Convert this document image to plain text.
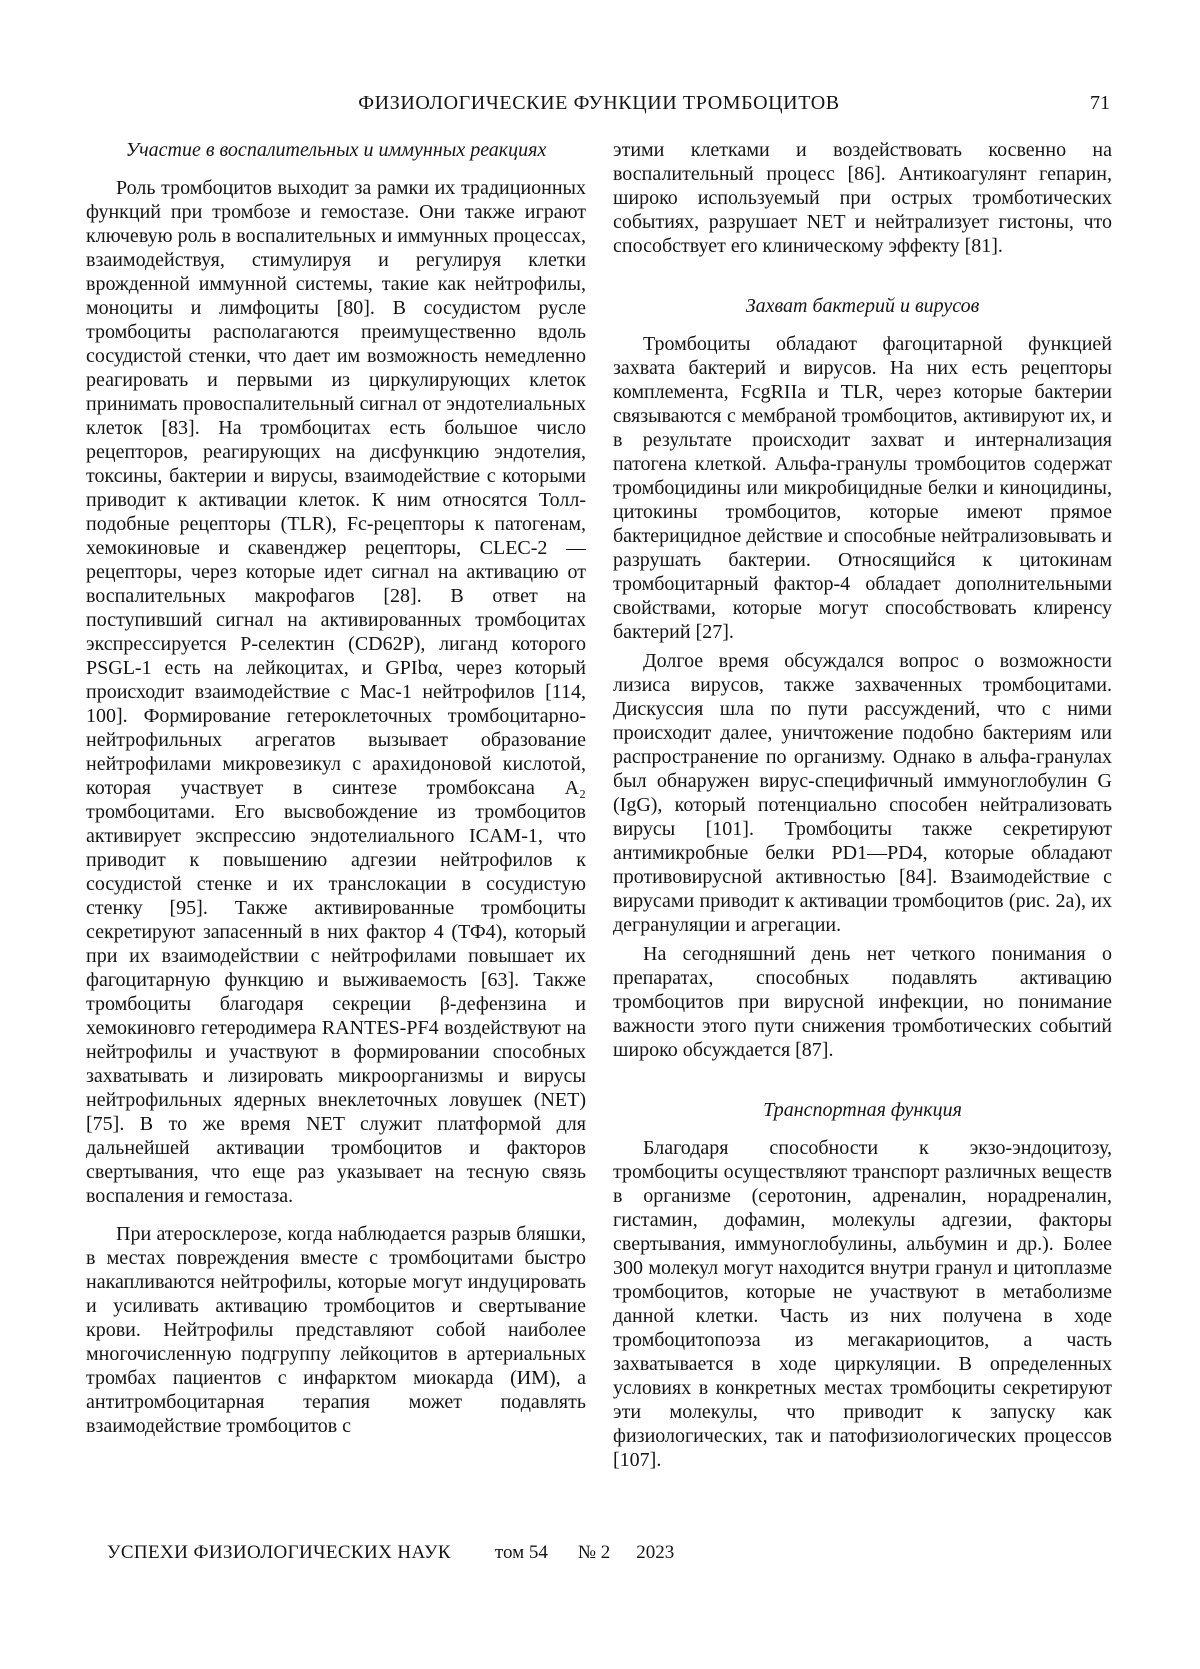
ФИЗИОЛОГИЧЕСКИЕ ФУНКЦИИ ТРОМБОЦИТОВ	71
Участие в воспалительных и иммунных реакциях

Роль тромбоцитов выходит за рамки их традиционных функций при тромбозе и гемостазе. Они также играют ключевую роль в воспалительных и иммунных процессах, взаимодействуя, стимулируя и регулируя клетки врожденной иммунной системы, такие как нейтрофилы, моноциты и лимфоциты [80]. В сосудистом русле тромбоциты располагаются преимущественно вдоль сосудистой стенки, что дает им возможность немедленно реагировать и первыми из циркулирующих клеток принимать провоспалительный сигнал от эндотелиальных клеток [83]. На тромбоцитах есть большое число рецепторов, реагирующих на дисфункцию эндотелия, токсины, бактерии и вирусы, взаимодействие с которыми приводит к активации клеток. К ним относятся Толл-подобные рецепторы (TLR), Fc-рецепторы к патогенам, хемокиновые и скавенджер рецепторы, CLEC-2 — рецепторы, через которые идет сигнал на активацию от воспалительных макрофагов [28]. В ответ на поступивший сигнал на активированных тромбоцитах экспрессируется P-селектин (CD62P), лиганд которого PSGL-1 есть на лейкоцитах, и GPIbα, через который происходит взаимодействие с Mac-1 нейтрофилов [114, 100]. Формирование гетероклеточных тромбоцитарно-нейтрофильных агрегатов вызывает образование нейтрофилами микровезикул с арахидоновой кислотой, которая участвует в синтезе тромбоксана A₂ тромбоцитами. Его высвобождение из тромбоцитов активирует экспрессию эндотелиального ICAM-1, что приводит к повышению адгезии нейтрофилов к сосудистой стенке и их транслокации в сосудистую стенку [95]. Также активированные тромбоциты секретируют запасенный в них фактор 4 (ТФ4), который при их взаимодействии с нейтрофилами повышает их фагоцитарную функцию и выживаемость [63]. Также тромбоциты благодаря секреции β-дефензина и хемокиновго гетеродимера RANTES-PF4 воздействуют на нейтрофилы и участвуют в формировании способных захватывать и лизировать микроорганизмы и вирусы нейтрофильных ядерных внеклеточных ловушек (NET) [75]. В то же время NET служит платформой для дальнейшей активации тромбоцитов и факторов свертывания, что еще раз указывает на тесную связь воспаления и гемостаза.

При атеросклерозе, когда наблюдается разрыв бляшки, в местах повреждения вместе с тромбоцитами быстро накапливаются нейтрофилы, которые могут индуцировать и усиливать активацию тромбоцитов и свертывание крови. Нейтрофилы представляют собой наиболее многочисленную подгруппу лейкоцитов в артериальных тромбах пациентов с инфарктом миокарда (ИМ), а антитромбоцитарная терапия может подавлять взаимодействие тромбоцитов с

этими клетками и воздействовать косвенно на воспалительный процесс [86]. Антикоагулянт гепарин, широко используемый при острых тромботических событиях, разрушает NET и нейтрализует гистоны, что способствует его клиническому эффекту [81].

Захват бактерий и вирусов

Тромбоциты обладают фагоцитарной функцией захвата бактерий и вирусов. На них есть рецепторы комплемента, FcgRIIa и TLR, через которые бактерии связываются с мембраной тромбоцитов, активируют их, и в результате происходит захват и интернализация патогена клеткой. Альфа-гранулы тромбоцитов содержат тромбоцидины или микробицидные белки и киноцидины, цитокины тромбоцитов, которые имеют прямое бактерицидное действие и способные нейтрализовывать и разрушать бактерии. Относящийся к цитокинам тромбоцитарный фактор-4 обладает дополнительными свойствами, которые могут способствовать клиренсу бактерий [27].

Долгое время обсуждался вопрос о возможности лизиса вирусов, также захваченных тромбоцитами. Дискуссия шла по пути рассуждений, что с ними происходит далее, уничтожение подобно бактериям или распространение по организму. Однако в альфа-гранулах был обнаружен вирус-специфичный иммуноглобулин G (IgG), который потенциально способен нейтрализовать вирусы [101]. Тромбоциты также секретируют антимикробные белки PD1—PD4, которые обладают противовирусной активностью [84]. Взаимодействие с вирусами приводит к активации тромбоцитов (рис. 2а), их дегрануляции и агрегации.

На сегодняшний день нет четкого понимания о препаратах, способных подавлять активацию тромбоцитов при вирусной инфекции, но понимание важности этого пути снижения тромботических событий широко обсуждается [87].

Транспортная функция

Благодаря способности к экзо-эндоцитозу, тромбоциты осуществляют транспорт различных веществ в организме (серотонин, адреналин, норадреналин, гистамин, дофамин, молекулы адгезии, факторы свертывания, иммуноглобулины, альбумин и др.). Более 300 молекул могут находится внутри гранул и цитоплазме тромбоцитов, которые не участвуют в метаболизме данной клетки. Часть из них получена в ходе тромбоцитопоэза из мегакариоцитов, а часть захватывается в ходе циркуляции. В определенных условиях в конкретных местах тромбоциты секретируют эти молекулы, что приводит к запуску как физиологических, так и патофизиологических процессов [107].

УСПЕХИ ФИЗИОЛОГИЧЕСКИХ НАУК том 54 № 2 2023
